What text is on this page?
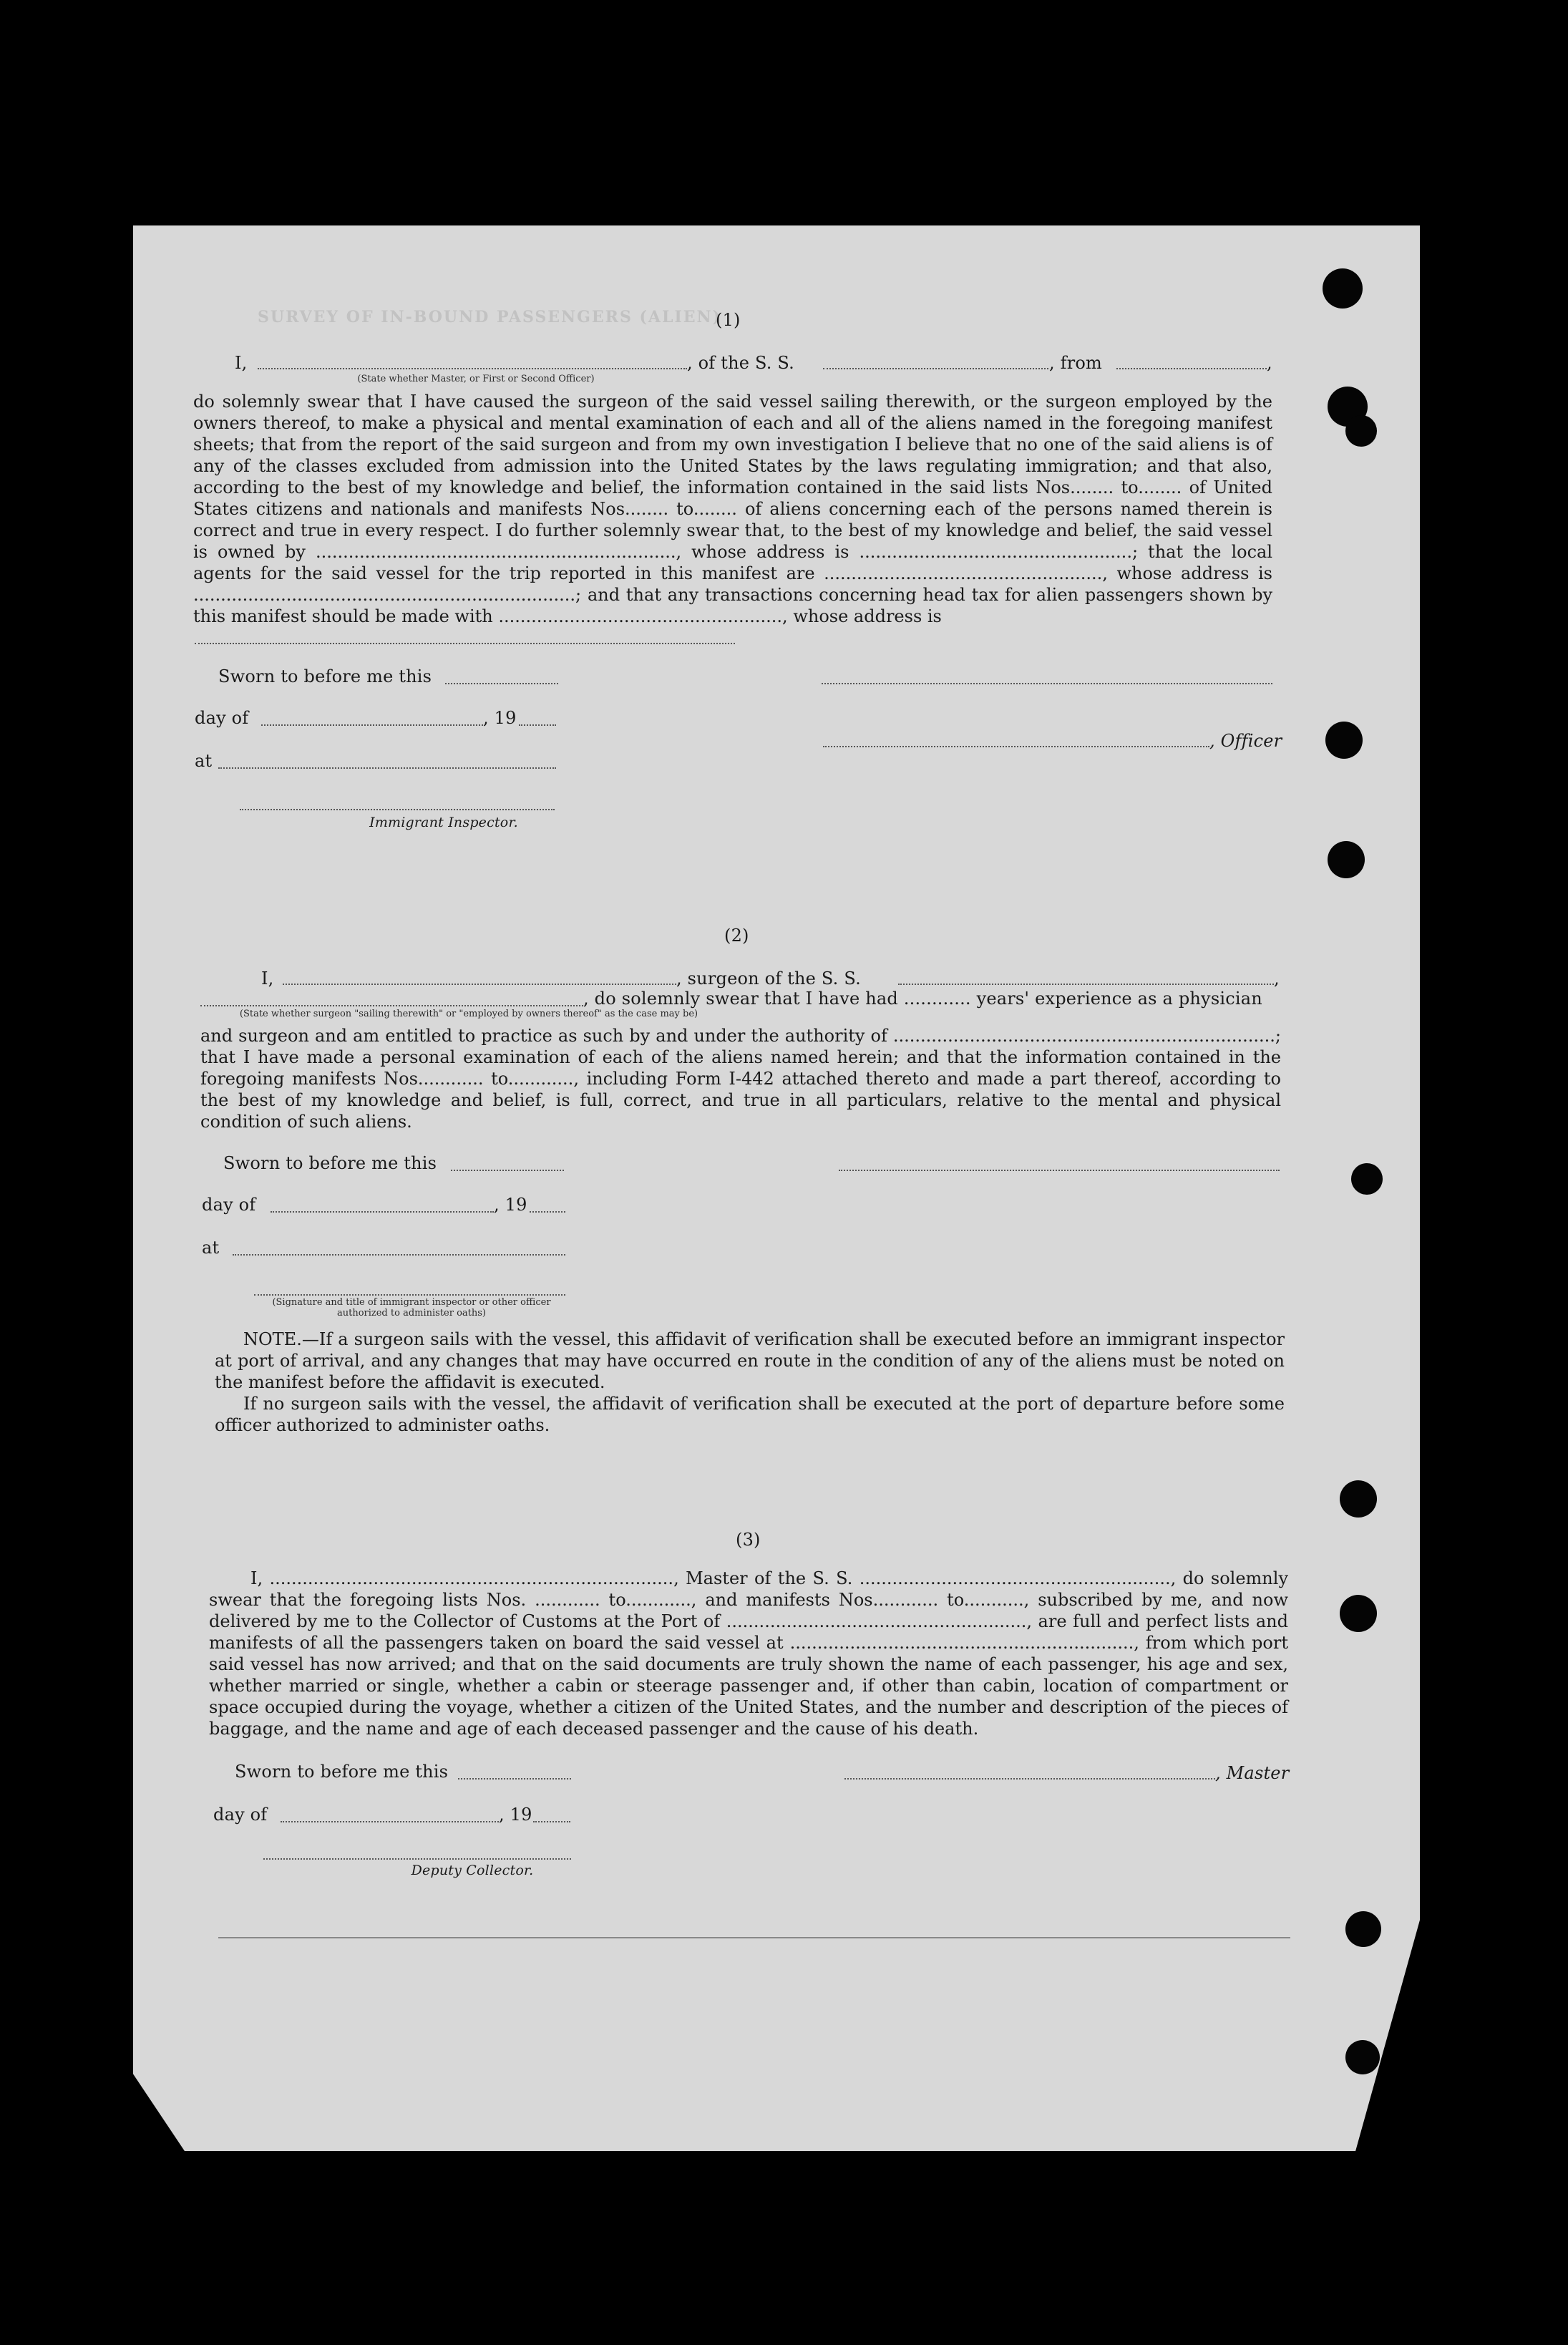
SURVEY OF IN-BOUND PASSENGERS (ALIEN)
(1)
I,	, of the S. S.	, from	,
(State whether Master, or First or Second Officer)
do solemnly swear that I have caused the surgeon of the said vessel sailing therewith, or the surgeon employed by the owners thereof, to make a physical and mental examination of each and all of the aliens named in the foregoing manifest sheets; that from the report of the said surgeon and from my own investigation I believe that no one of the said aliens is of any of the classes excluded from admission into the United States by the laws regulating immigration; and that also, according to the best of my knowledge and belief, the information contained in the said lists Nos........ to........ of United States citizens and nationals and manifests Nos........ to........ of aliens concerning each of the persons named therein is correct and true in every respect. I do further solemnly swear that, to the best of my knowledge and belief, the said vessel is owned by .................................................................., whose address is ..................................................; that the local agents for the said vessel for the trip reported in this manifest are ..................................................., whose address is ......................................................................; and that any transactions concerning head tax for alien passengers shown by this manifest should be made with ...................................................., whose address is
Sworn to before me this
day of	, 19
, Officer
at
Immigrant Inspector.
(2)
I,	, surgeon of the S. S.	,
, do solemnly swear that I have had ............ years' experience as a physician
(State whether surgeon "sailing therewith" or "employed by owners thereof" as the case may be)
and surgeon and am entitled to practice as such by and under the authority of ......................................................................; that I have made a personal examination of each of the aliens named herein; and that the information contained in the foregoing manifests Nos............ to............, including Form I-442 attached thereto and made a part thereof, according to the best of my knowledge and belief, is full, correct, and true in all particulars, relative to the mental and physical condition of such aliens.
Sworn to before me this
day of	, 19
at
(Signature and title of immigrant inspector or other officer authorized to administer oaths)
NOTE.—If a surgeon sails with the vessel, this affidavit of verification shall be executed before an immigrant inspector at port of arrival, and any changes that may have occurred en route in the condition of any of the aliens must be noted on the manifest before the affidavit is executed.
If no surgeon sails with the vessel, the affidavit of verification shall be executed at the port of departure before some officer authorized to administer oaths.
(3)
I, .........................................................................., Master of the S. S. ........................................................., do solemnly swear that the foregoing lists Nos. ............ to............, and manifests Nos............ to..........., subscribed by me, and now delivered by me to the Collector of Customs at the Port of ......................................................., are full and perfect lists and manifests of all the passengers taken on board the said vessel at ..............................................................., from which port said vessel has now arrived; and that on the said documents are truly shown the name of each passenger, his age and sex, whether married or single, whether a cabin or steerage passenger and, if other than cabin, location of compartment or space occupied during the voyage, whether a citizen of the United States, and the number and description of the pieces of baggage, and the name and age of each deceased passenger and the cause of his death.
Sworn to before me this	, Master
day of	, 19
Deputy Collector.
